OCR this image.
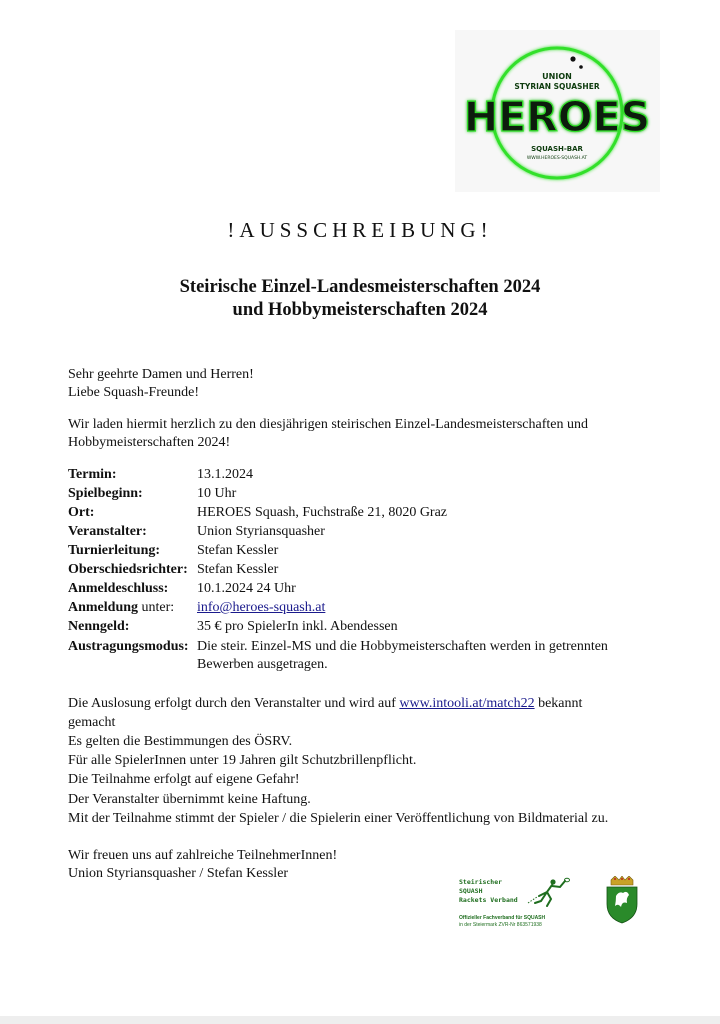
UNION
STYRIAN SQUASHER
HEROES
SQUASH-BAR
WWW.HEROES-SQUASH.AT
!AUSSCHREIBUNG!
Steirische Einzel-Landesmeisterschaften 2024
und Hobbymeisterschaften 2024
Sehr geehrte Damen und Herren!
Liebe Squash-Freunde!
Wir laden hiermit herzlich zu den diesjährigen steirischen Einzel-Landesmeisterschaften und
Hobbymeisterschaften 2024!
Termin:	13.1.2024
Spielbeginn:	10 Uhr
Ort:	HEROES Squash, Fuchstraße 21, 8020 Graz
Veranstalter:	Union Styriansquasher
Turnierleitung:	Stefan Kessler
Oberschiedsrichter: Stefan Kessler
Anmeldeschluss: 10.1.2024 24 Uhr
Anmeldung unter: info@heroes-squash.at
Nenngeld:	35 € pro SpielerIn inkl. Abendessen
Austragungsmodus: Die steir. Einzel-MS und die Hobbymeisterschaften werden in getrennten
Bewerben ausgetragen.
Die Auslosung erfolgt durch den Veranstalter und wird auf www.intooli.at/match22 bekannt
gemacht
Es gelten die Bestimmungen des ÖSRV.
Für alle SpielerInnen unter 19 Jahren gilt Schutzbrillenpflicht.
Die Teilnahme erfolgt auf eigene Gefahr!
Der Veranstalter übernimmt keine Haftung.
Mit der Teilnahme stimmt der Spieler / die Spielerin einer Veröffentlichung von Bildmaterial zu.
Wir freuen uns auf zahlreiche TeilnehmerInnen!
Union Styriansquasher / Stefan Kessler
Steirischer
SQUASH
Rackets Verband
Offizieller Fachverband für SQUASH
in der Steiermark ZVR-Nr 863571938
